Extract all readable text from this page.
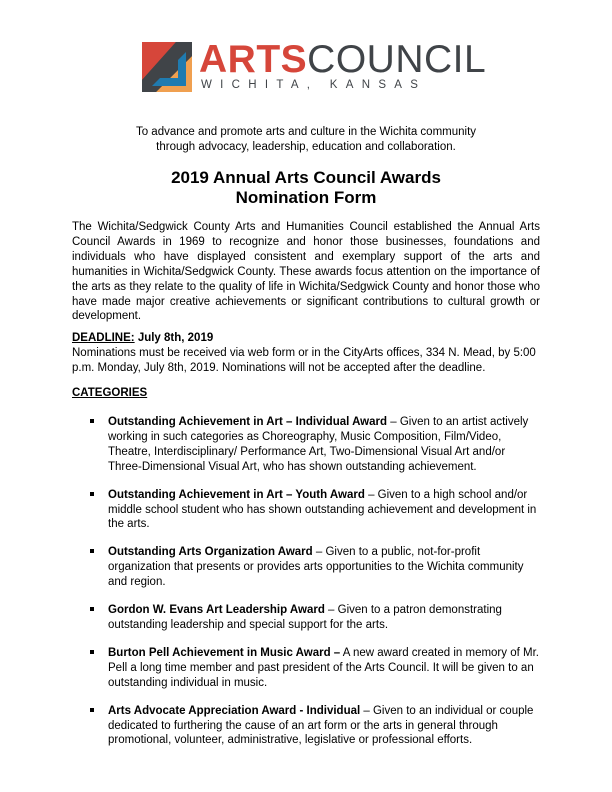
ARTSCOUNCIL
WICHITA, KANSAS
To advance and promote arts and culture in the Wichita community
through advocacy, leadership, education and collaboration.
2019 Annual Arts Council Awards
Nomination Form
The Wichita/Sedgwick County Arts and Humanities Council established the Annual Arts Council Awards in 1969 to recognize and honor those businesses, foundations and individuals who have displayed consistent and exemplary support of the arts and humanities in Wichita/Sedgwick County. These awards focus attention on the importance of the arts as they relate to the quality of life in Wichita/Sedgwick County and honor those who have made major creative achievements or significant contributions to cultural growth or development.
DEADLINE: July 8th, 2019
Nominations must be received via web form or in the CityArts offices, 334 N. Mead, by 5:00 p.m. Monday, July 8th, 2019. Nominations will not be accepted after the deadline.
CATEGORIES
Outstanding Achievement in Art – Individual Award – Given to an artist actively working in such categories as Choreography, Music Composition, Film/Video, Theatre, Interdisciplinary/ Performance Art, Two-Dimensional Visual Art and/or Three-Dimensional Visual Art, who has shown outstanding achievement.
Outstanding Achievement in Art – Youth Award – Given to a high school and/or middle school student who has shown outstanding achievement and development in the arts.
Outstanding Arts Organization Award – Given to a public, not-for-profit organization that presents or provides arts opportunities to the Wichita community and region.
Gordon W. Evans Art Leadership Award – Given to a patron demonstrating outstanding leadership and special support for the arts.
Burton Pell Achievement in Music Award – A new award created in memory of Mr. Pell a long time member and past president of the Arts Council. It will be given to an outstanding individual in music.
Arts Advocate Appreciation Award - Individual – Given to an individual or couple dedicated to furthering the cause of an art form or the arts in general through promotional, volunteer, administrative, legislative or professional efforts.
